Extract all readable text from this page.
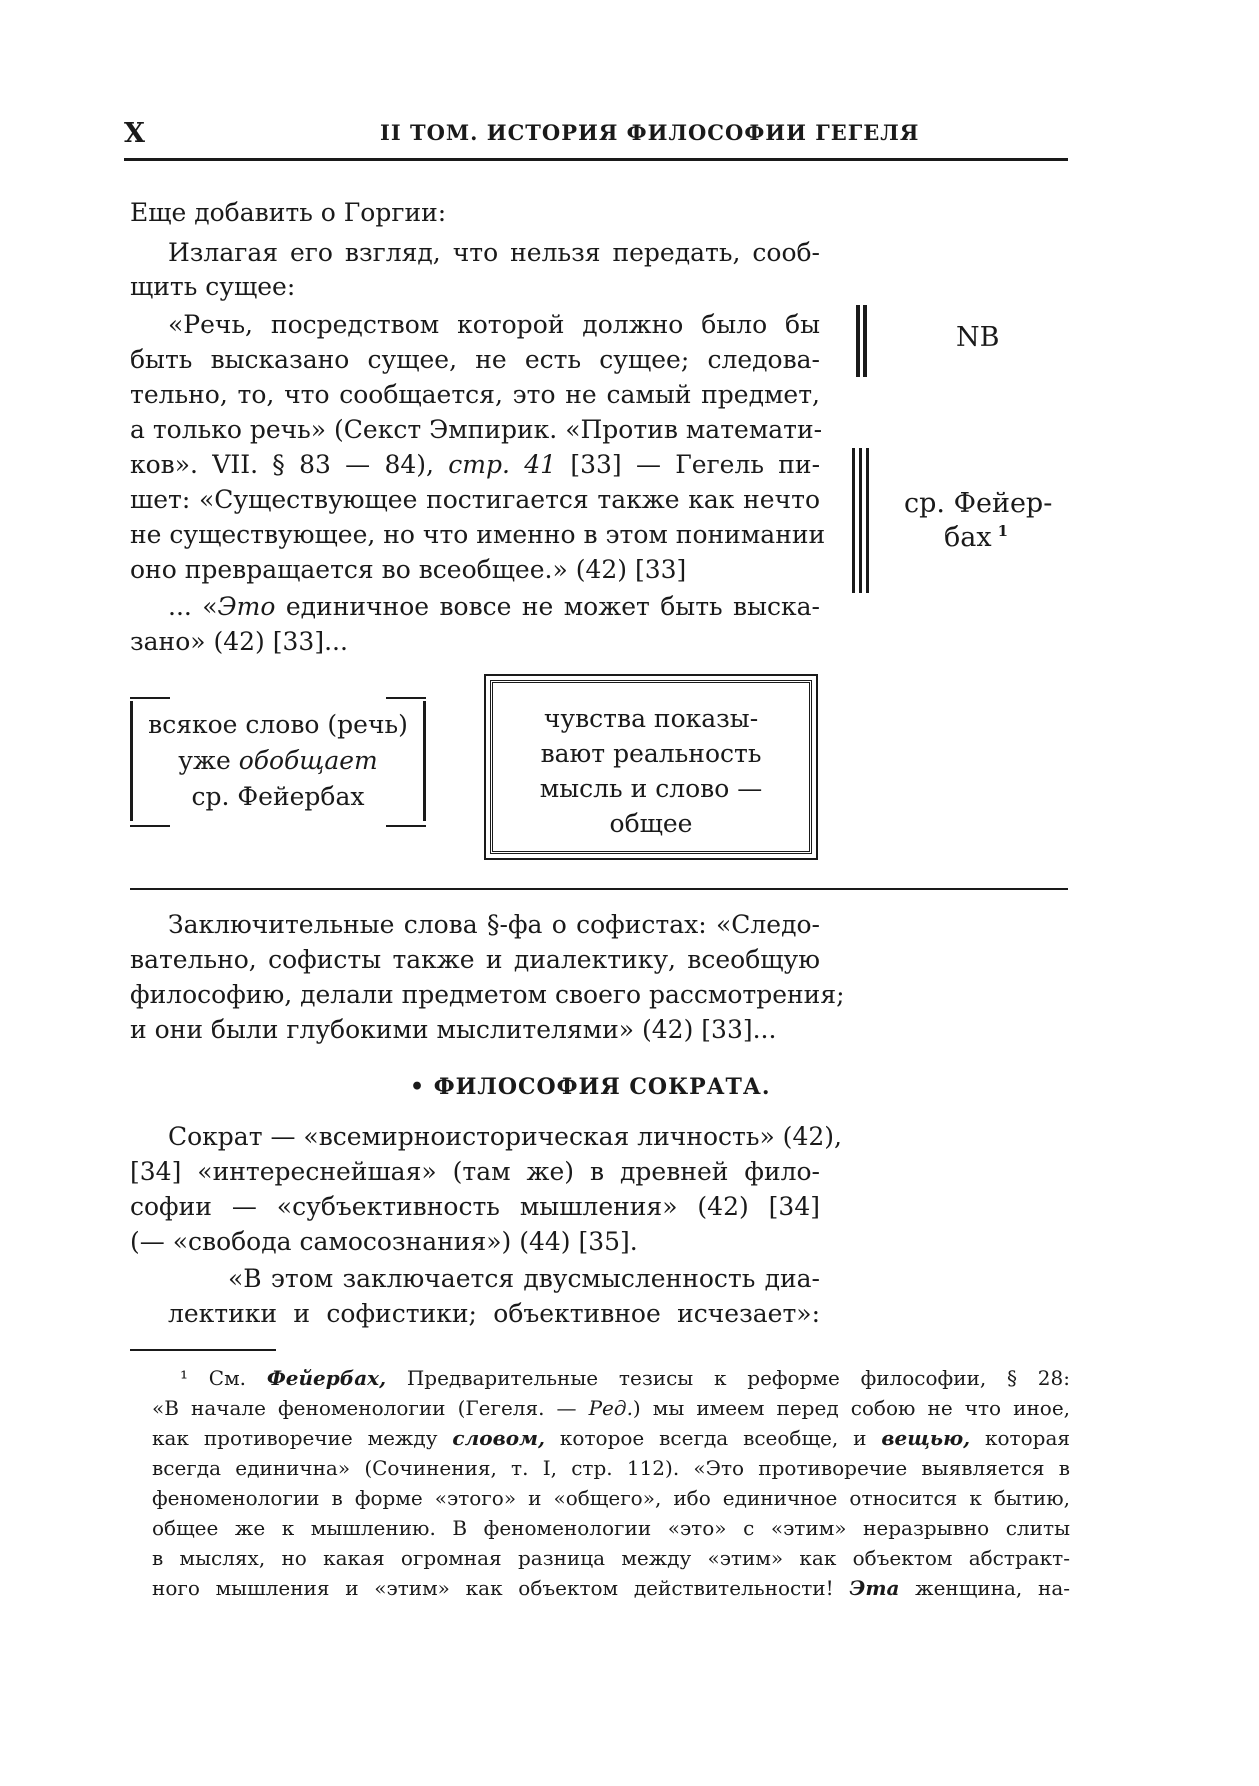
X	II ТОМ. ИСТОРИЯ ФИЛОСОФИИ ГЕГЕЛЯ
Еще добавить о Горгии:
Излагая его взгляд, что нельзя передать, сооб-
щить сущее:
«Речь, посредством которой должно было бы
быть высказано сущее, не есть сущее; следова-
тельно, то, что сообщается, это не самый предмет,
а только речь» (Секст Эмпирик. «Против математи-
ков». VII. § 83 — 84), стр. 41 [33] — Гегель пи-
шет: «Существующее постигается также как нечто
не существующее, но что именно в этом понимании
оно превращается во всеобщее.» (42) [33]
... «Это единичное вовсе не может быть выска-
зано» (42) [33]...
NB
ср. Фейер-
бах $^1$
всякое слово (речь)
уже обобщает
ср. Фейербах
чувства показы-
вают реальность
мысль и слово —
общее
Заключительные слова §-фа о софистах: «Следо-
вательно, софисты также и диалектику, всеобщую
философию, делали предметом своего рассмотрения;
и они были глубокими мыслителями» (42) [33]...
• ФИЛОСОФИЯ СОКРАТА.
Сократ — «всемирноисторическая личность» (42),
[34] «интереснейшая» (там же) в древней фило-
софии — «субъективность мышления» (42) [34]
(— «свобода самосознания») (44) [35].
«В этом заключается двусмысленность диа-
лектики и софистики; объективное исчезает»:
¹ См. Фейербах, Предварительные тезисы к реформе философии, § 28:
«В начале феноменологии (Гегеля. — Ред.) мы имеем перед собою не что иное,
как противоречие между словом, которое всегда всеобще, и вещью, которая
всегда единична» (Сочинения, т. I, стр. 112). «Это противоречие выявляется в
феноменологии в форме «этого» и «общего», ибо единичное относится к бытию,
общее же к мышлению. В феноменологии «это» с «этим» неразрывно слиты
в мыслях, но какая огромная разница между «этим» как объектом абстракт-
ного мышления и «этим» как объектом действительности! Эта женщина, на-
